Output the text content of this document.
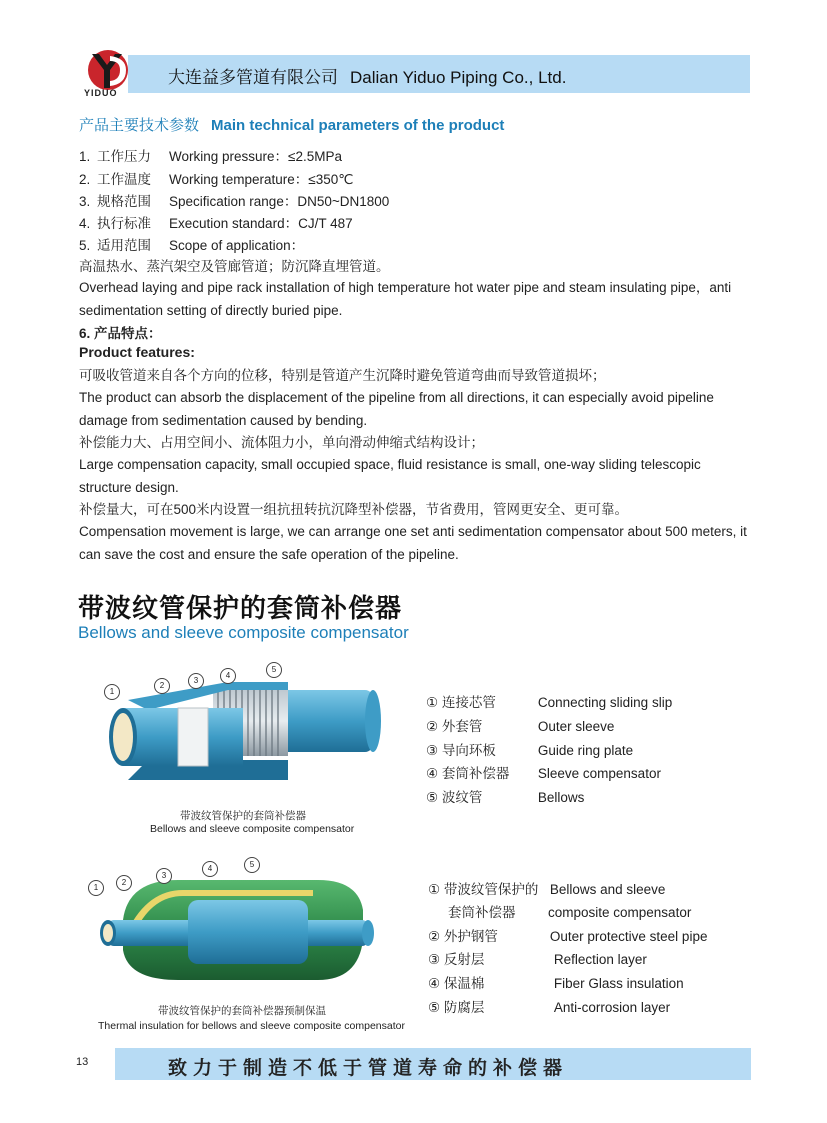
YIDUO
大连益多管道有限公司 Dalian Yiduo Piping Co., Ltd.
产品主要技术参数 Main technical parameters of the product
1. 工作压力 Working pressure：≤2.5MPa
2. 工作温度 Working temperature：≤350℃
3. 规格范围 Specification range：DN50~DN1800
4. 执行标准 Execution standard：CJ/T 487
5. 适用范围 Scope of application：
高温热水、蒸汽架空及管廊管道；防沉降直埋管道。
Overhead laying and pipe rack installation of high temperature hot water pipe and steam insulating pipe，anti sedimentation setting of directly buried pipe.
6. 产品特点：
Product features:
可吸收管道来自各个方向的位移，特别是管道产生沉降时避免管道弯曲而导致管道损坏；
The product can absorb the displacement of the pipeline from all directions, it can especially avoid pipeline damage from sedimentation caused by bending.
补偿能力大、占用空间小、流体阻力小，单向滑动伸缩式结构设计；
Large compensation capacity, small occupied space, fluid resistance is small, one-way sliding telescopic structure design.
补偿量大，可在500米内设置一组抗扭转抗沉降型补偿器，节省费用，管网更安全、更可靠。
Compensation movement is large, we can arrange one set anti sedimentation compensator about 500 meters, it can save the cost and ensure the safe operation of the pipeline.
带波纹管保护的套筒补偿器
Bellows and sleeve composite compensator
1
2
3
4
5
带波纹管保护的套筒补偿器
Bellows and sleeve composite compensator
① 连接芯管	Connecting sliding slip
② 外套管	Outer sleeve
③ 导向环板	Guide ring plate
④ 套筒补偿器 Sleeve compensator
⑤ 波纹管	Bellows
1
2
3
4	5
带波纹管保护的套筒补偿器预制保温
Thermal insulation for bellows and sleeve composite compensator
① 带波纹管保护的 Bellows and sleeve
套筒补偿器 composite compensator
② 外护钢管	Outer protective steel pipe
③ 反射层	Reflection layer
④ 保温棉	Fiber Glass insulation
⑤ 防腐层	Anti-corrosion layer
13	致力于制造不低于管道寿命的补偿器
